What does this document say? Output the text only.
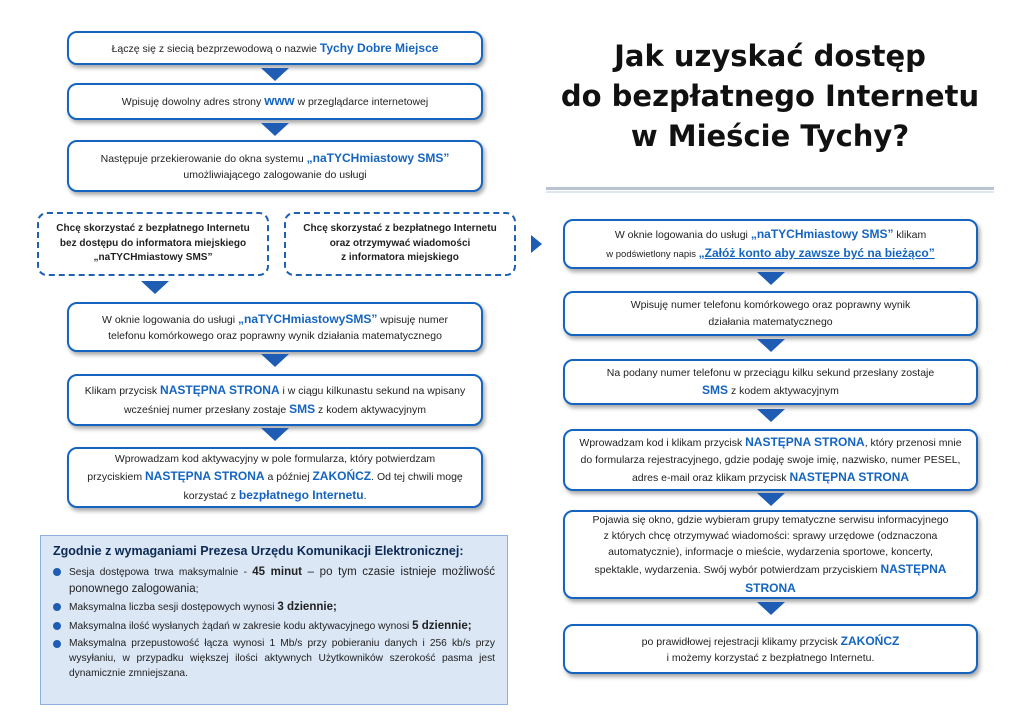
Jak uzyskać dostęp
do bezpłatnego Internetu
w Mieście Tychy?
Łączę się z siecią bezprzewodową o nazwie Tychy Dobre Miejsce
Wpisuję dowolny adres strony www w przeglądarce internetowej
Następuje przekierowanie do okna systemu „naTYCHmiastowy SMS”
umożliwiającego zalogowanie do usługi
Chcę skorzystać z bezpłatnego Internetu
bez dostępu do informatora miejskiego
„naTYCHmiastowy SMS”
Chcę skorzystać z bezpłatnego Internetu
oraz otrzymywać wiadomości
z informatora miejskiego
W oknie logowania do usługi „naTYCHmiastowySMS” wpisuję numer
telefonu komórkowego oraz poprawny wynik działania matematycznego
Klikam przycisk NASTĘPNA STRONA i w ciągu kilkunastu sekund na wpisany
wcześniej numer przesłany zostaje SMS z kodem aktywacyjnym
Wprowadzam kod aktywacyjny w pole formularza, który potwierdzam
przyciskiem NASTĘPNA STRONA a później ZAKOŃCZ. Od tej chwili mogę
korzystać z bezpłatnego Internetu.
Zgodnie z wymaganiami Prezesa Urzędu Komunikacji Elektronicznej:
Sesja dostępowa trwa maksymalnie - 45 minut – po tym czasie istnieje możliwość ponownego zalogowania;
Maksymalna liczba sesji dostępowych wynosi 3 dziennie;
Maksymalna ilość wysłanych żądań w zakresie kodu aktywacyjnego wynosi 5 dziennie;
Maksymalna przepustowość łącza wynosi 1 Mb/s przy pobieraniu danych i 256 kb/s przy wysyłaniu, w przypadku większej ilości aktywnych Użytkowników szerokość pasma jest dynamicznie zmniejszana.
W oknie logowania do usługi „naTYCHmiastowy SMS” klikam
w podświetlony napis „Załóż konto aby zawsze być na bieżąco”
Wpisuję numer telefonu komórkowego oraz poprawny wynik
działania matematycznego
Na podany numer telefonu w przeciągu kilku sekund przesłany zostaje
SMS z kodem aktywacyjnym
Wprowadzam kod i klikam przycisk NASTĘPNA STRONA, który przenosi mnie
do formularza rejestracyjnego, gdzie podaję swoje imię, nazwisko, numer PESEL,
adres e-mail oraz klikam przycisk NASTĘPNA STRONA
Pojawia się okno, gdzie wybieram grupy tematyczne serwisu informacyjnego
z których chcę otrzymywać wiadomości: sprawy urzędowe (odznaczona
automatycznie), informacje o mieście, wydarzenia sportowe, koncerty,
spektakle, wydarzenia. Swój wybór potwierdzam przyciskiem NASTĘPNA
STRONA
po prawidłowej rejestracji klikamy przycisk ZAKOŃCZ
i możemy korzystać z bezpłatnego Internetu.
